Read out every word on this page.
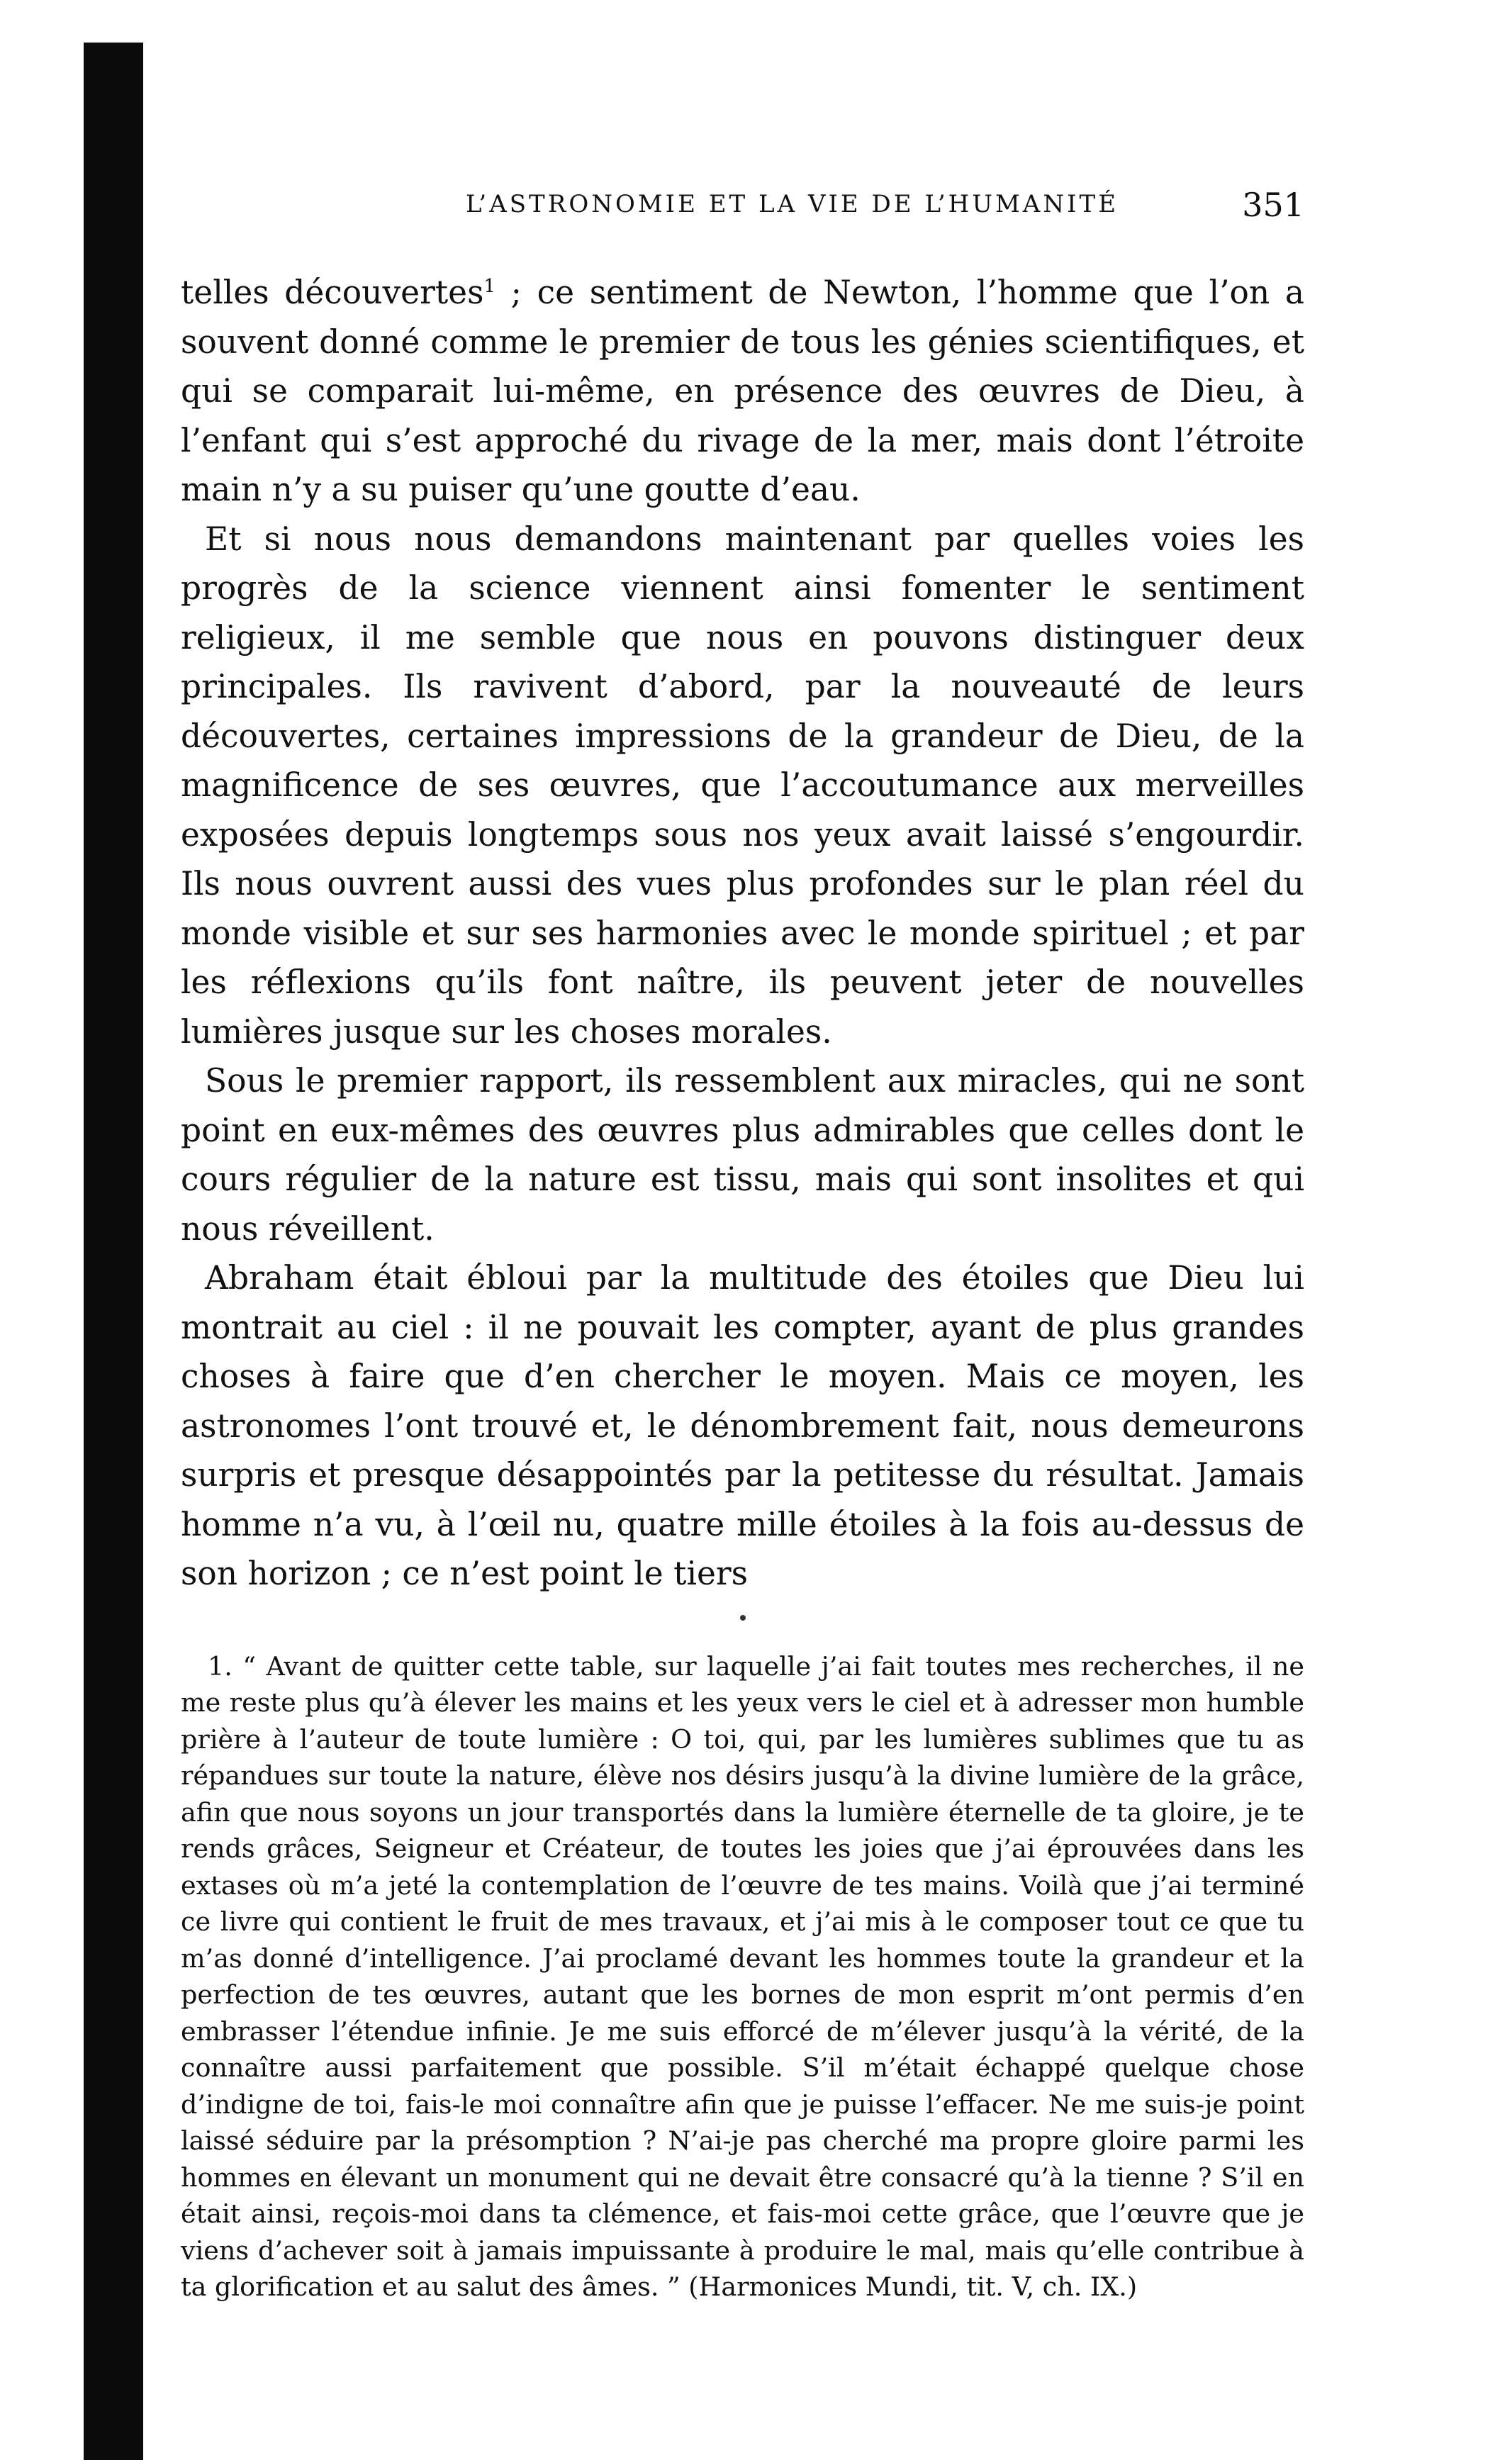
L’ASTRONOMIE ET LA VIE DE L’HUMANITÉ	351

telles découvertes$^1$ ; ce sentiment de Newton, l’homme que l’on a souvent donné comme le premier de tous les génies scientifiques, et qui se comparait lui-même, en présence des œuvres de Dieu, à l’enfant qui s’est approché du rivage de la mer, mais dont l’étroite main n’y a su puiser qu’une goutte d’eau.

Et si nous nous demandons maintenant par quelles voies les progrès de la science viennent ainsi fomenter le sentiment religieux, il me semble que nous en pouvons distinguer deux principales. Ils ravivent d’abord, par la nouveauté de leurs découvertes, certaines impressions de la grandeur de Dieu, de la magnificence de ses œuvres, que l’accoutumance aux merveilles exposées depuis longtemps sous nos yeux avait laissé s’engourdir. Ils nous ouvrent aussi des vues plus profondes sur le plan réel du monde visible et sur ses harmonies avec le monde spirituel ; et par les réflexions qu’ils font naître, ils peuvent jeter de nouvelles lumières jusque sur les choses morales.

Sous le premier rapport, ils ressemblent aux miracles, qui ne sont point en eux-mêmes des œuvres plus admirables que celles dont le cours régulier de la nature est tissu, mais qui sont insolites et qui nous réveillent.

Abraham était ébloui par la multitude des étoiles que Dieu lui montrait au ciel : il ne pouvait les compter, ayant de plus grandes choses à faire que d’en chercher le moyen. Mais ce moyen, les astronomes l’ont trouvé et, le dénombrement fait, nous demeurons surpris et presque désappointés par la petitesse du résultat. Jamais homme n’a vu, à l’œil nu, quatre mille étoiles à la fois au-dessus de son horizon ; ce n’est point le tiers

1. “ Avant de quitter cette table, sur laquelle j’ai fait toutes mes recherches, il ne me reste plus qu’à élever les mains et les yeux vers le ciel et à adresser mon humble prière à l’auteur de toute lumière : O toi, qui, par les lumières sublimes que tu as répandues sur toute la nature, élève nos désirs jusqu’à la divine lumière de la grâce, afin que nous soyons un jour transportés dans la lumière éternelle de ta gloire, je te rends grâces, Seigneur et Créateur, de toutes les joies que j’ai éprouvées dans les extases où m’a jeté la contemplation de l’œuvre de tes mains. Voilà que j’ai terminé ce livre qui contient le fruit de mes travaux, et j’ai mis à le composer tout ce que tu m’as donné d’intelligence. J’ai proclamé devant les hommes toute la grandeur et la perfection de tes œuvres, autant que les bornes de mon esprit m’ont permis d’en embrasser l’étendue infinie. Je me suis efforcé de m’élever jusqu’à la vérité, de la connaître aussi parfaitement que possible. S’il m’était échappé quelque chose d’indigne de toi, fais-le moi connaître afin que je puisse l’effacer. Ne me suis-je point laissé séduire par la présomption ? N’ai-je pas cherché ma propre gloire parmi les hommes en élevant un monument qui ne devait être consacré qu’à la tienne ? S’il en était ainsi, reçois-moi dans ta clémence, et fais-moi cette grâce, que l’œuvre que je viens d’achever soit à jamais impuissante à produire le mal, mais qu’elle contribue à ta glorification et au salut des âmes. ” (Harmonices Mundi, tit. V, ch. IX.)
